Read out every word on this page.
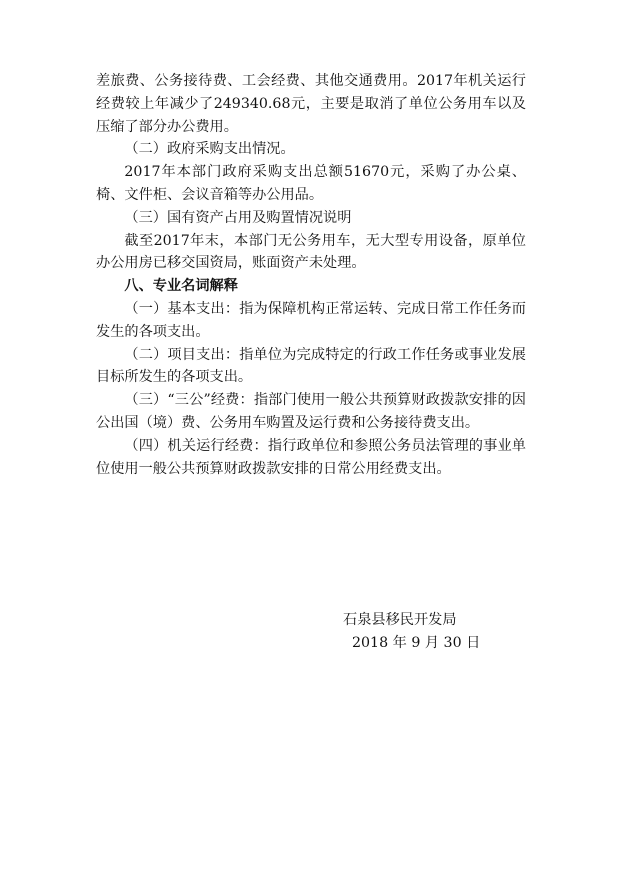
差旅费、公务接待费、工会经费、其他交通费用。2017年机关运行经费较上年减少了249340.68元，主要是取消了单位公务用车以及压缩了部分办公费用。

（二）政府采购支出情况。

2017年本部门政府采购支出总额51670元，采购了办公桌、椅、文件柜、会议音箱等办公用品。

（三）国有资产占用及购置情况说明

截至2017年末，本部门无公务用车，无大型专用设备，原单位办公用房已移交国资局，账面资产未处理。

八、专业名词解释

（一）基本支出：指为保障机构正常运转、完成日常工作任务而发生的各项支出。

（二）项目支出：指单位为完成特定的行政工作任务或事业发展目标所发生的各项支出。

（三）“三公”经费：指部门使用一般公共预算财政拨款安排的因公出国（境）费、公务用车购置及运行费和公务接待费支出。

（四）机关运行经费：指行政单位和参照公务员法管理的事业单位使用一般公共预算财政拨款安排的日常公用经费支出。

石泉县移民开发局
2018 年 9 月 30 日
